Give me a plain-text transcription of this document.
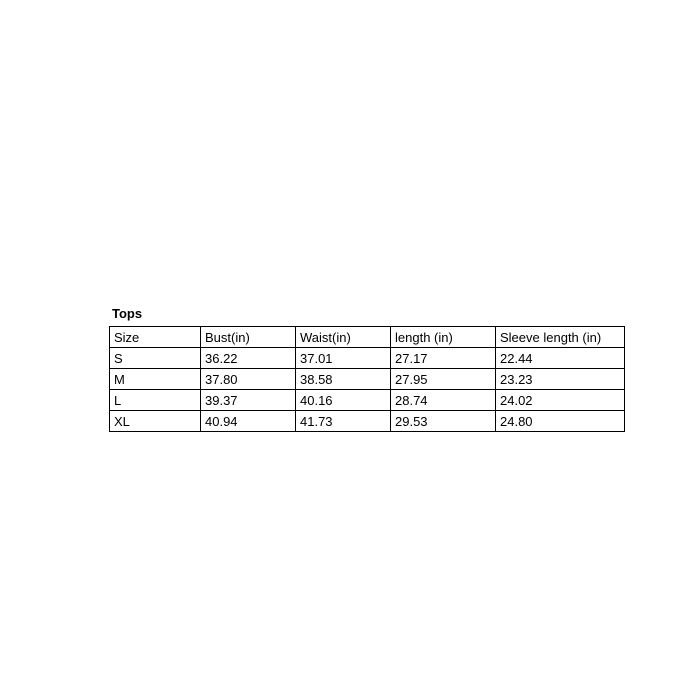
Tops
Size	Bust(in)	Waist(in)	length (in)	Sleeve length (in)
S	36.22	37.01	27.17	22.44
M	37.80	38.58	27.95	23.23
L	39.37	40.16	28.74	24.02
XL	40.94	41.73	29.53	24.80
